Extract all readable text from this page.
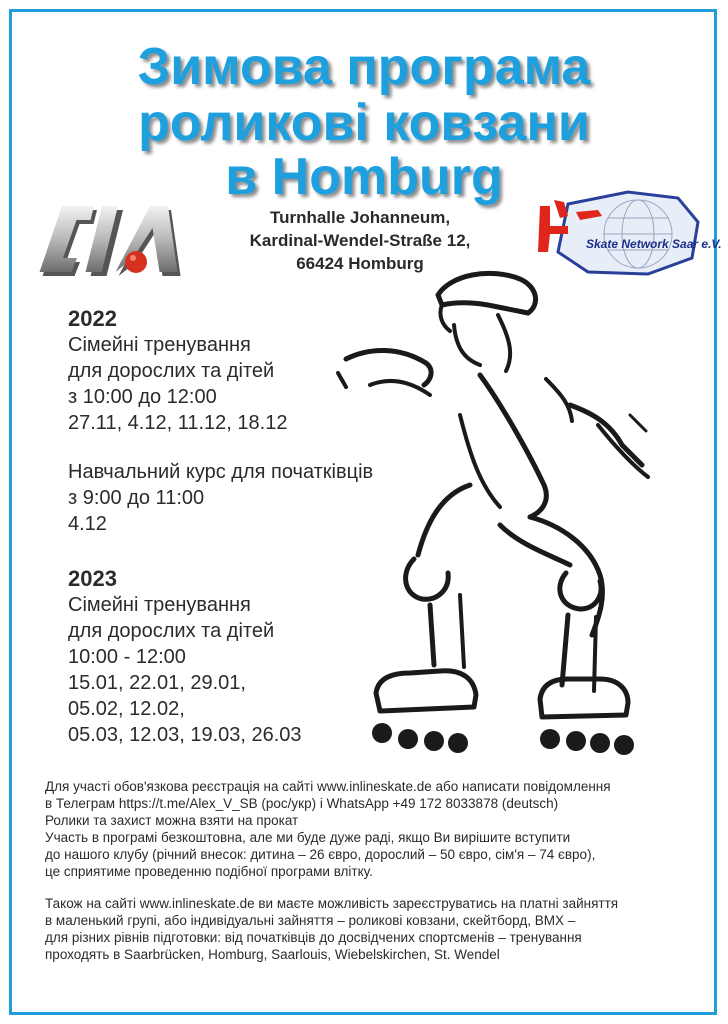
Зимова програма
роликові ковзани
в Homburg
CIA
Turnhalle Johanneum,
Kardinal-Wendel-Straße 12,
66424 Homburg
Skate Network Saar e.V.
2022
Сімейні тренування
для дорослих та дітей
з 10:00 до 12:00
27.11, 4.12, 11.12, 18.12
Навчальний курс для початківців
з 9:00 до 11:00
4.12
2023
Сімейні тренування
для дорослих та дітей
10:00 - 12:00
15.01, 22.01, 29.01,
05.02, 12.02,
05.03, 12.03, 19.03, 26.03
Для участі обов'язкова реєстрація на сайті www.inlineskate.de або написати повідомлення
в Телеграм https://t.me/Alex_V_SB (рос/укр) і WhatsApp +49 172 8033878 (deutsch)
Ролики та захист можна взяти на прокат
Участь в програмі безкоштовна, але ми буде дуже раді, якщо Ви вирішите вступити
до нашого клубу (річний внесок: дитина – 26 євро, дорослий – 50 євро, сім'я – 74 євро),
це сприятиме проведенню подібної програми влітку.
Також на сайті www.inlineskate.de ви маєте можливість зареєструватись на платні зайняття
в маленький групі, або індивідуальні зайняття – роликові ковзани, скейтборд, BMX –
для різних рівнів підготовки: від початківців до досвідчених спортсменів – тренування
проходять в Saarbrücken, Homburg, Saarlouis, Wiebelskirchen, St. Wendel
